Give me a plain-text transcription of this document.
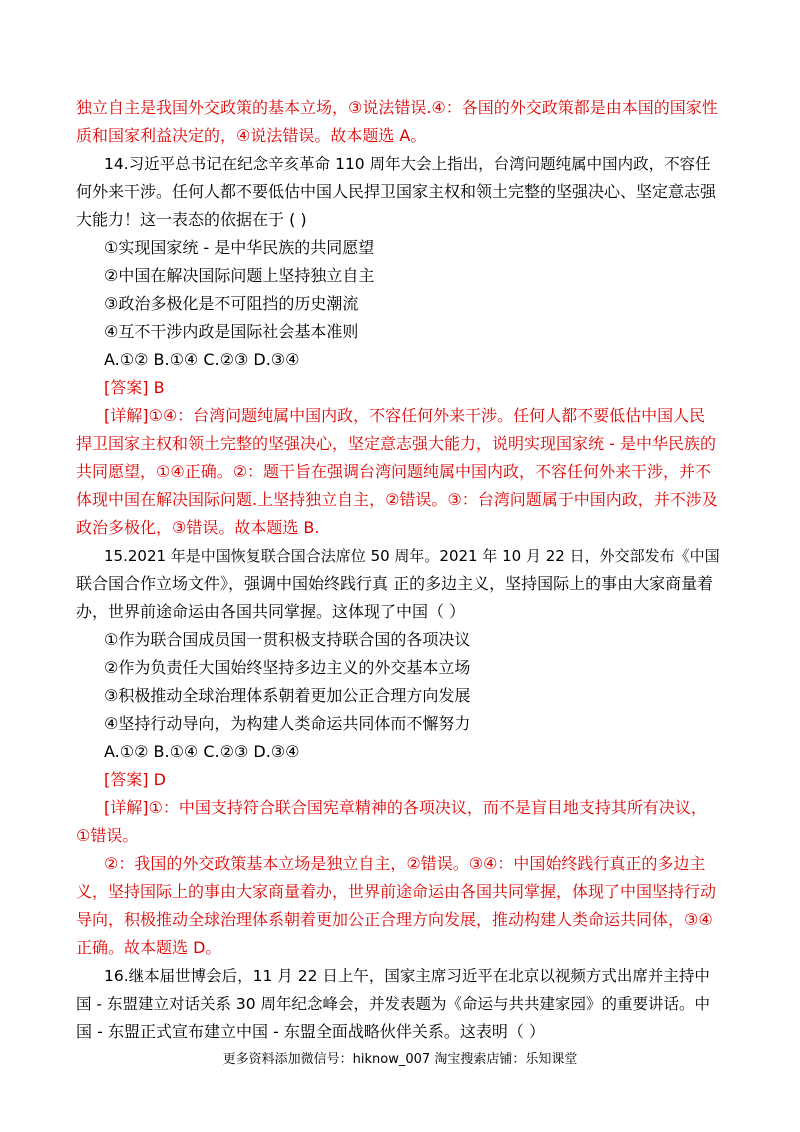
独立自主是我国外交政策的基本立场，③说法错误.④：各国的外交政策都是由本国的国家性
质和国家利益决定的，④说法错误。故本题选 A。
14.习近平总书记在纪念辛亥革命 110 周年大会上指出，台湾问题纯属中国内政，不容任
何外来干涉。任何人都不要低估中国人民捍卫国家主权和领土完整的坚强决心、坚定意志强
大能力！这一表态的依据在于 ( )
①实现国家统 - 是中华民族的共同愿望
②中国在解决国际问题上坚持独立自主
③政治多极化是不可阻挡的历史潮流
④互不干涉内政是国际社会基本准则
A.①② B.①④ C.②③ D.③④
[答案] B
[详解]①④：台湾问题纯属中国内政，不容任何外来干涉。任何人都不要低估中国人民
捍卫国家主权和领土完整的坚强决心，坚定意志强大能力，说明实现国家统 - 是中华民族的
共同愿望，①④正确。②：题干旨在强调台湾问题纯属中国内政，不容任何外来干涉，并不
体现中国在解决国际问题.上坚持独立自主，②错误。③：台湾问题属于中国内政，并不涉及
政治多极化，③错误。故本题选 B.
15.2021 年是中国恢复联合国合法席位 50 周年。2021 年 10 月 22 日，外交部发布《中国
联合国合作立场文件》，强调中国始终践行真 正的多边主义，坚持国际上的事由大家商量着
办，世界前途命运由各国共同掌握。这体现了中国（ ）
①作为联合国成员国一贯积极支持联合国的各项决议
②作为负责任大国始终坚持多边主义的外交基本立场
③积极推动全球治理体系朝着更加公正合理方向发展
④坚持行动导向，为构建人类命运共同体而不懈努力
A.①② B.①④ C.②③ D.③④
[答案] D
[详解]①：中国支持符合联合国宪章精神的各项决议，而不是盲目地支持其所有决议，
①错误。
②：我国的外交政策基本立场是独立自主，②错误。③④：中国始终践行真正的多边主
义，坚持国际上的事由大家商量着办，世界前途命运由各国共同掌握，体现了中国坚持行动
导向，积极推动全球治理体系朝着更加公正合理方向发展，推动构建人类命运共同体，③④
正确。故本题选 D。
16.继本届世博会后，11 月 22 日上午，国家主席习近平在北京以视频方式出席并主持中
国 - 东盟建立对话关系 30 周年纪念峰会，并发表题为《命运与共共建家园》的重要讲话。中
国 - 东盟正式宣布建立中国 - 东盟全面战略伙伴关系。这表明（ ）
更多资料添加微信号：hiknow_007 淘宝搜索店铺：乐知课堂
